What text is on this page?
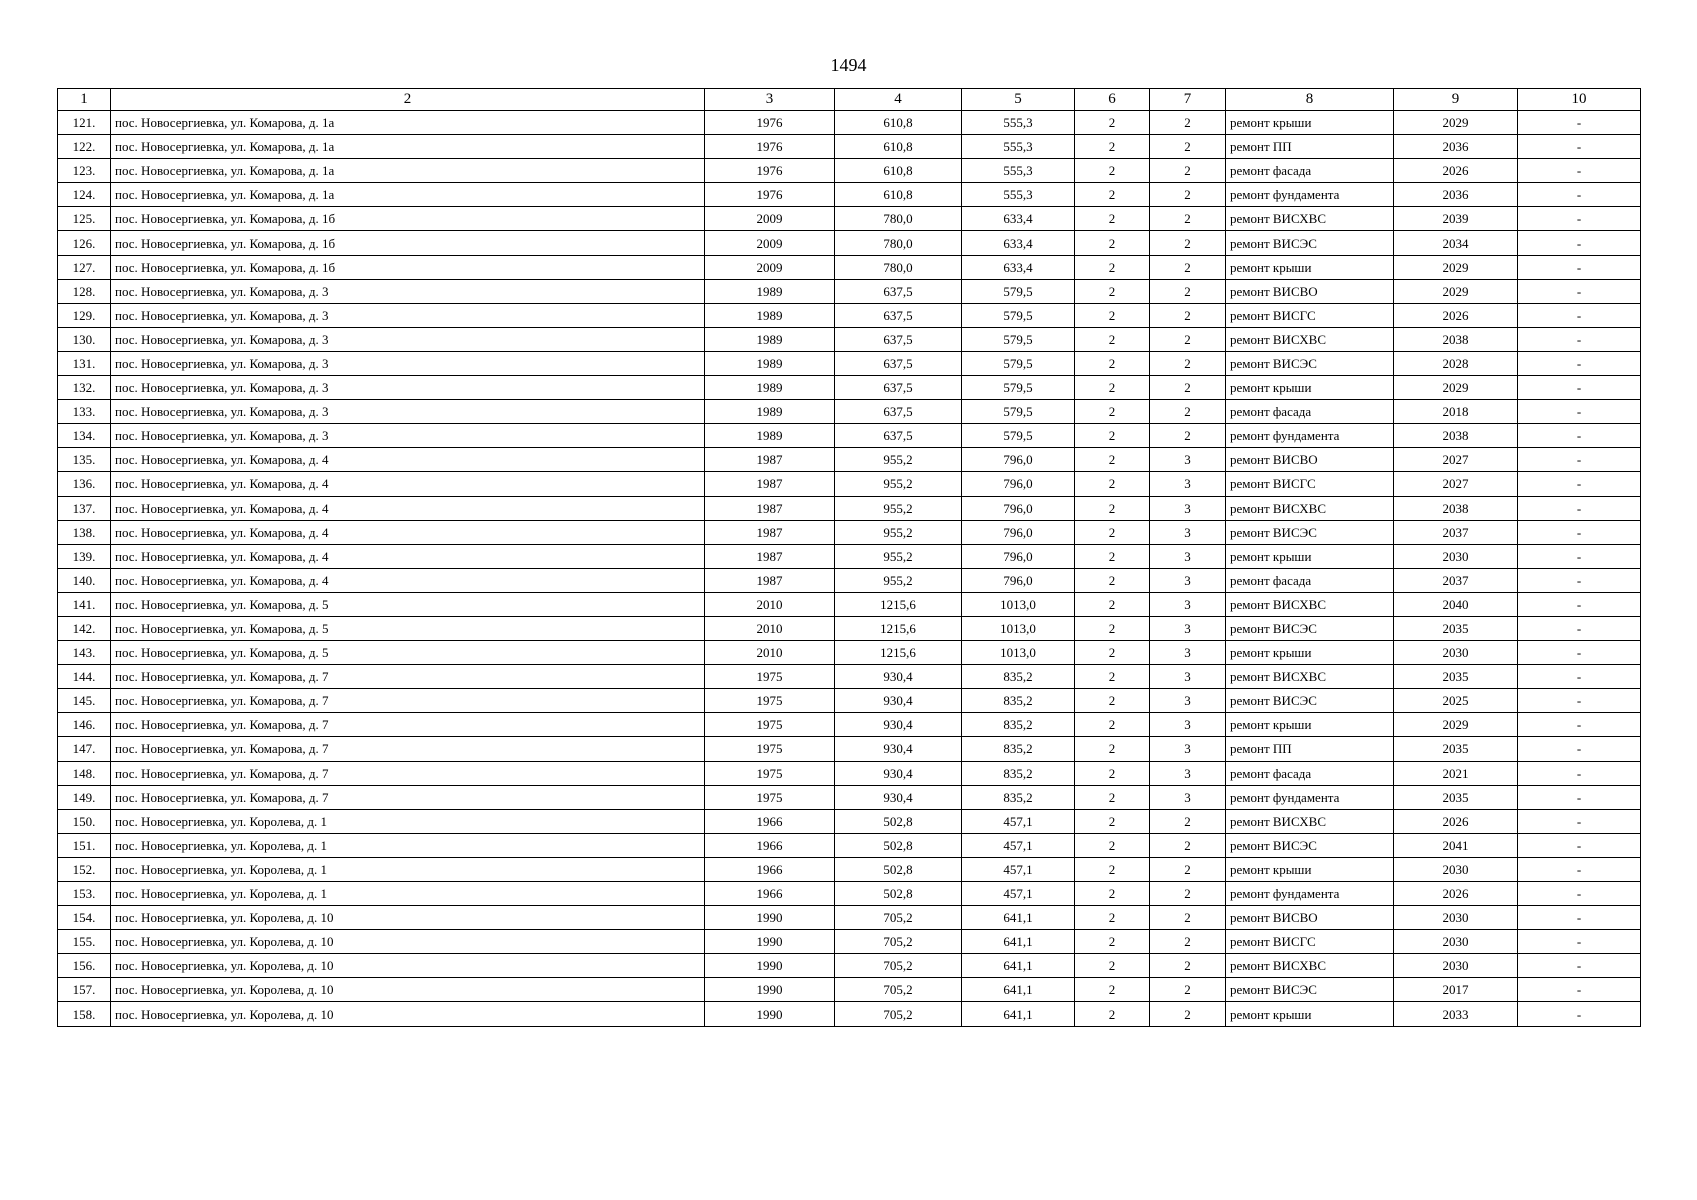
1494
1	2	3	4	5	6	7	8	9	10
121.	пос. Новосергиевка, ул. Комарова, д. 1а	1976	610,8	555,3	2	2	ремонт крыши	2029	-
122.	пос. Новосергиевка, ул. Комарова, д. 1а	1976	610,8	555,3	2	2	ремонт ПП	2036	-
123.	пос. Новосергиевка, ул. Комарова, д. 1а	1976	610,8	555,3	2	2	ремонт фасада	2026	-
124.	пос. Новосергиевка, ул. Комарова, д. 1а	1976	610,8	555,3	2	2	ремонт фундамента	2036	-
125.	пос. Новосергиевка, ул. Комарова, д. 1б	2009	780,0	633,4	2	2	ремонт ВИСХВС	2039	-
126.	пос. Новосергиевка, ул. Комарова, д. 1б	2009	780,0	633,4	2	2	ремонт ВИСЭС	2034	-
127.	пос. Новосергиевка, ул. Комарова, д. 1б	2009	780,0	633,4	2	2	ремонт крыши	2029	-
128.	пос. Новосергиевка, ул. Комарова, д. 3	1989	637,5	579,5	2	2	ремонт ВИСВО	2029	-
129.	пос. Новосергиевка, ул. Комарова, д. 3	1989	637,5	579,5	2	2	ремонт ВИСГС	2026	-
130.	пос. Новосергиевка, ул. Комарова, д. 3	1989	637,5	579,5	2	2	ремонт ВИСХВС	2038	-
131.	пос. Новосергиевка, ул. Комарова, д. 3	1989	637,5	579,5	2	2	ремонт ВИСЭС	2028	-
132.	пос. Новосергиевка, ул. Комарова, д. 3	1989	637,5	579,5	2	2	ремонт крыши	2029	-
133.	пос. Новосергиевка, ул. Комарова, д. 3	1989	637,5	579,5	2	2	ремонт фасада	2018	-
134.	пос. Новосергиевка, ул. Комарова, д. 3	1989	637,5	579,5	2	2	ремонт фундамента	2038	-
135.	пос. Новосергиевка, ул. Комарова, д. 4	1987	955,2	796,0	2	3	ремонт ВИСВО	2027	-
136.	пос. Новосергиевка, ул. Комарова, д. 4	1987	955,2	796,0	2	3	ремонт ВИСГС	2027	-
137.	пос. Новосергиевка, ул. Комарова, д. 4	1987	955,2	796,0	2	3	ремонт ВИСХВС	2038	-
138.	пос. Новосергиевка, ул. Комарова, д. 4	1987	955,2	796,0	2	3	ремонт ВИСЭС	2037	-
139.	пос. Новосергиевка, ул. Комарова, д. 4	1987	955,2	796,0	2	3	ремонт крыши	2030	-
140.	пос. Новосергиевка, ул. Комарова, д. 4	1987	955,2	796,0	2	3	ремонт фасада	2037	-
141.	пос. Новосергиевка, ул. Комарова, д. 5	2010	1215,6	1013,0	2	3	ремонт ВИСХВС	2040	-
142.	пос. Новосергиевка, ул. Комарова, д. 5	2010	1215,6	1013,0	2	3	ремонт ВИСЭС	2035	-
143.	пос. Новосергиевка, ул. Комарова, д. 5	2010	1215,6	1013,0	2	3	ремонт крыши	2030	-
144.	пос. Новосергиевка, ул. Комарова, д. 7	1975	930,4	835,2	2	3	ремонт ВИСХВС	2035	-
145.	пос. Новосергиевка, ул. Комарова, д. 7	1975	930,4	835,2	2	3	ремонт ВИСЭС	2025	-
146.	пос. Новосергиевка, ул. Комарова, д. 7	1975	930,4	835,2	2	3	ремонт крыши	2029	-
147.	пос. Новосергиевка, ул. Комарова, д. 7	1975	930,4	835,2	2	3	ремонт ПП	2035	-
148.	пос. Новосергиевка, ул. Комарова, д. 7	1975	930,4	835,2	2	3	ремонт фасада	2021	-
149.	пос. Новосергиевка, ул. Комарова, д. 7	1975	930,4	835,2	2	3	ремонт фундамента	2035	-
150.	пос. Новосергиевка, ул. Королева, д. 1	1966	502,8	457,1	2	2	ремонт ВИСХВС	2026	-
151.	пос. Новосергиевка, ул. Королева, д. 1	1966	502,8	457,1	2	2	ремонт ВИСЭС	2041	-
152.	пос. Новосергиевка, ул. Королева, д. 1	1966	502,8	457,1	2	2	ремонт крыши	2030	-
153.	пос. Новосергиевка, ул. Королева, д. 1	1966	502,8	457,1	2	2	ремонт фундамента	2026	-
154.	пос. Новосергиевка, ул. Королева, д. 10	1990	705,2	641,1	2	2	ремонт ВИСВО	2030	-
155.	пос. Новосергиевка, ул. Королева, д. 10	1990	705,2	641,1	2	2	ремонт ВИСГС	2030	-
156.	пос. Новосергиевка, ул. Королева, д. 10	1990	705,2	641,1	2	2	ремонт ВИСХВС	2030	-
157.	пос. Новосергиевка, ул. Королева, д. 10	1990	705,2	641,1	2	2	ремонт ВИСЭС	2017	-
158.	пос. Новосергиевка, ул. Королева, д. 10	1990	705,2	641,1	2	2	ремонт крыши	2033	-
